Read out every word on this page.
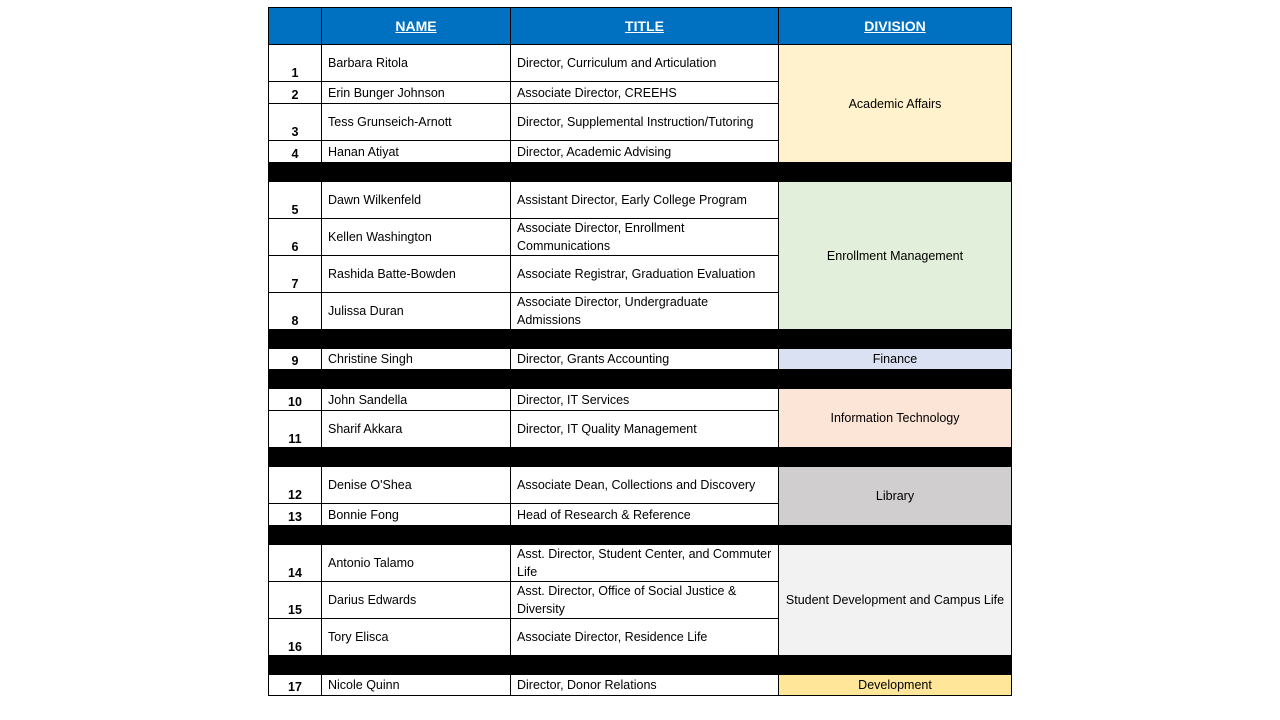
	NAME	TITLE	DIVISION
1	Barbara Ritola	Director, Curriculum and Articulation	Academic Affairs
2	Erin Bunger Johnson	Associate Director, CREEHS	
3	Tess Grunseich-Arnott	Director, Supplemental Instruction/Tutoring	
4	Hanan Atiyat	Director, Academic Advising	

5	Dawn Wilkenfeld	Assistant Director, Early College Program	Enrollment Management
6	Kellen Washington	Associate Director, Enrollment Communications	
7	Rashida Batte-Bowden	Associate Registrar, Graduation Evaluation	
8	Julissa Duran	Associate Director, Undergraduate Admissions	

9	Christine Singh	Director, Grants Accounting	Finance

10	John Sandella	Director, IT Services	Information Technology
11	Sharif Akkara	Director, IT Quality Management	

12	Denise O'Shea	Associate Dean, Collections and Discovery	Library
13	Bonnie Fong	Head of Research & Reference	

14	Antonio Talamo	Asst. Director, Student Center, and Commuter Life	Student Development and Campus Life
15	Darius Edwards	Asst. Director, Office of Social Justice & Diversity	
16	Tory Elisca	Associate Director, Residence Life	

17	Nicole Quinn	Director, Donor Relations	Development
